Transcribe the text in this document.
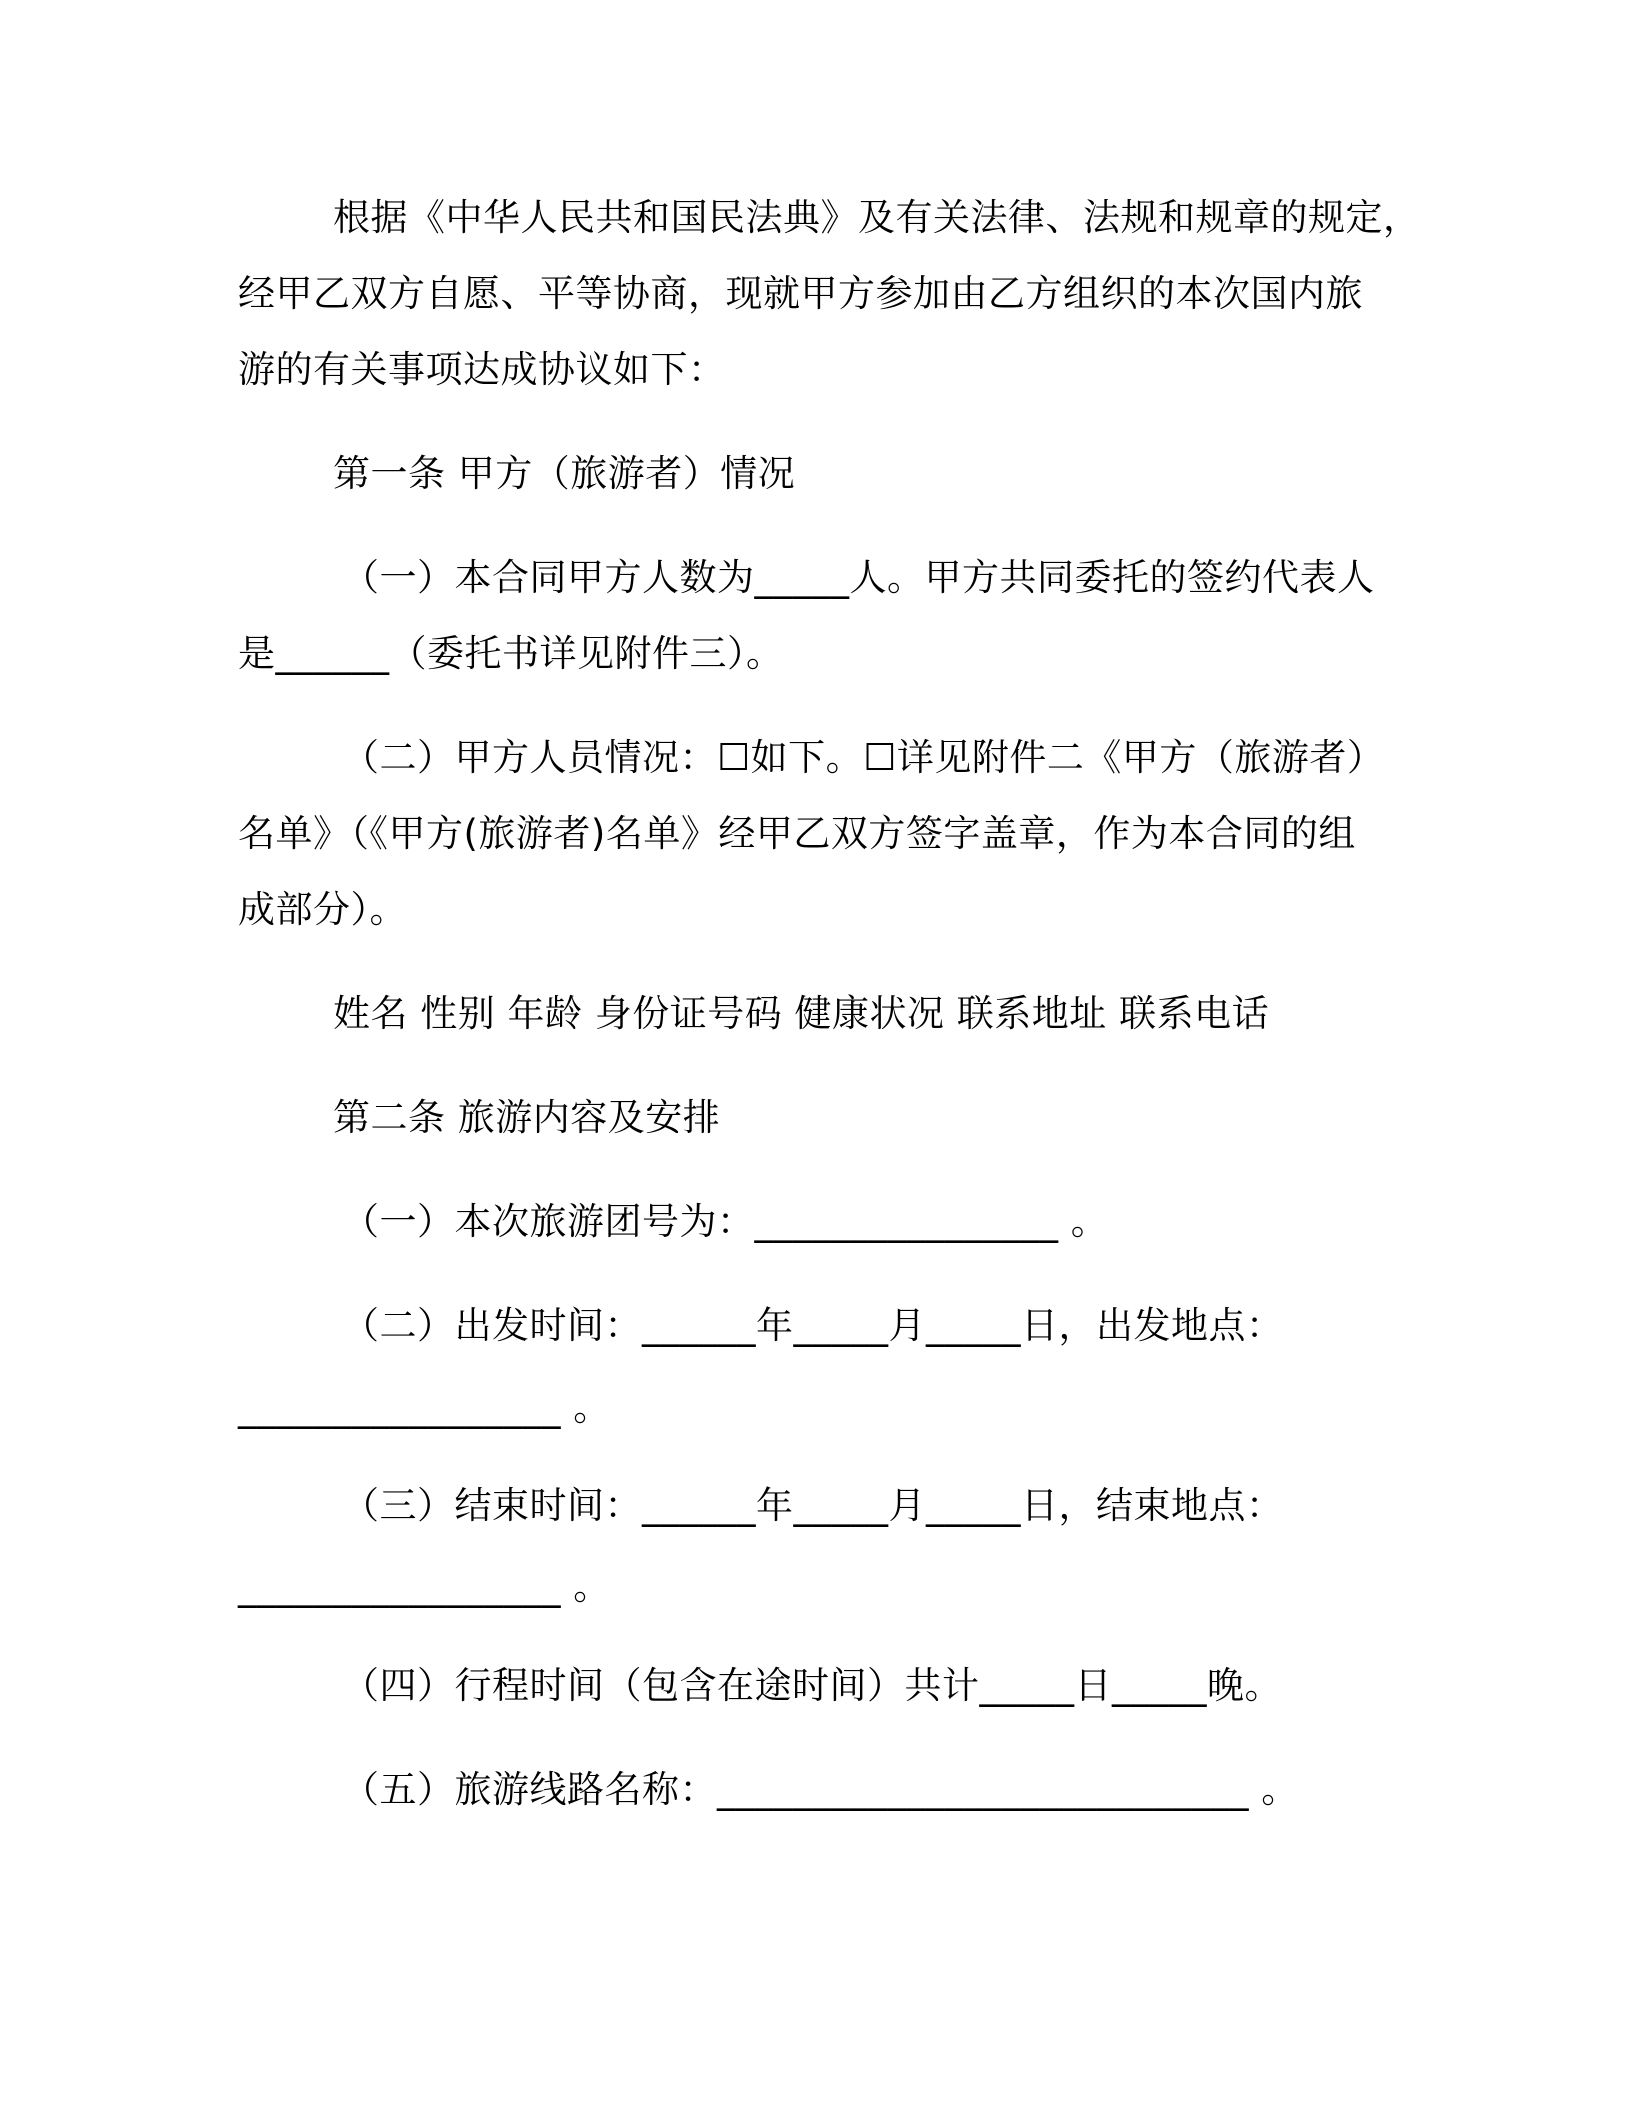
根据《中华人民共和国民法典》及有关法律、法规和规章的规定，
经甲乙双方自愿、平等协商，现就甲方参加由乙方组织的本次国内旅
游的有关事项达成协议如下：
第一条 甲方（旅游者）情况
（一）本合同甲方人数为_____人。甲方共同委托的签约代表人
是______（委托书详见附件三）。
（二）甲方人员情况：☐如下。☐详见附件二《甲方（旅游者）
名单》（《甲方(旅游者)名单》经甲乙双方签字盖章，作为本合同的组
成部分）。
姓名 性别 年龄 身份证号码 健康状况 联系地址 联系电话
第二条 旅游内容及安排
（一）本次旅游团号为：________________ 。
（二）出发时间：______年_____月_____日，出发地点：
_________________ 。
（三）结束时间：______年_____月_____日，结束地点：
_________________ 。
（四）行程时间（包含在途时间）共计_____日_____晚。
（五）旅游线路名称：____________________________ 。
